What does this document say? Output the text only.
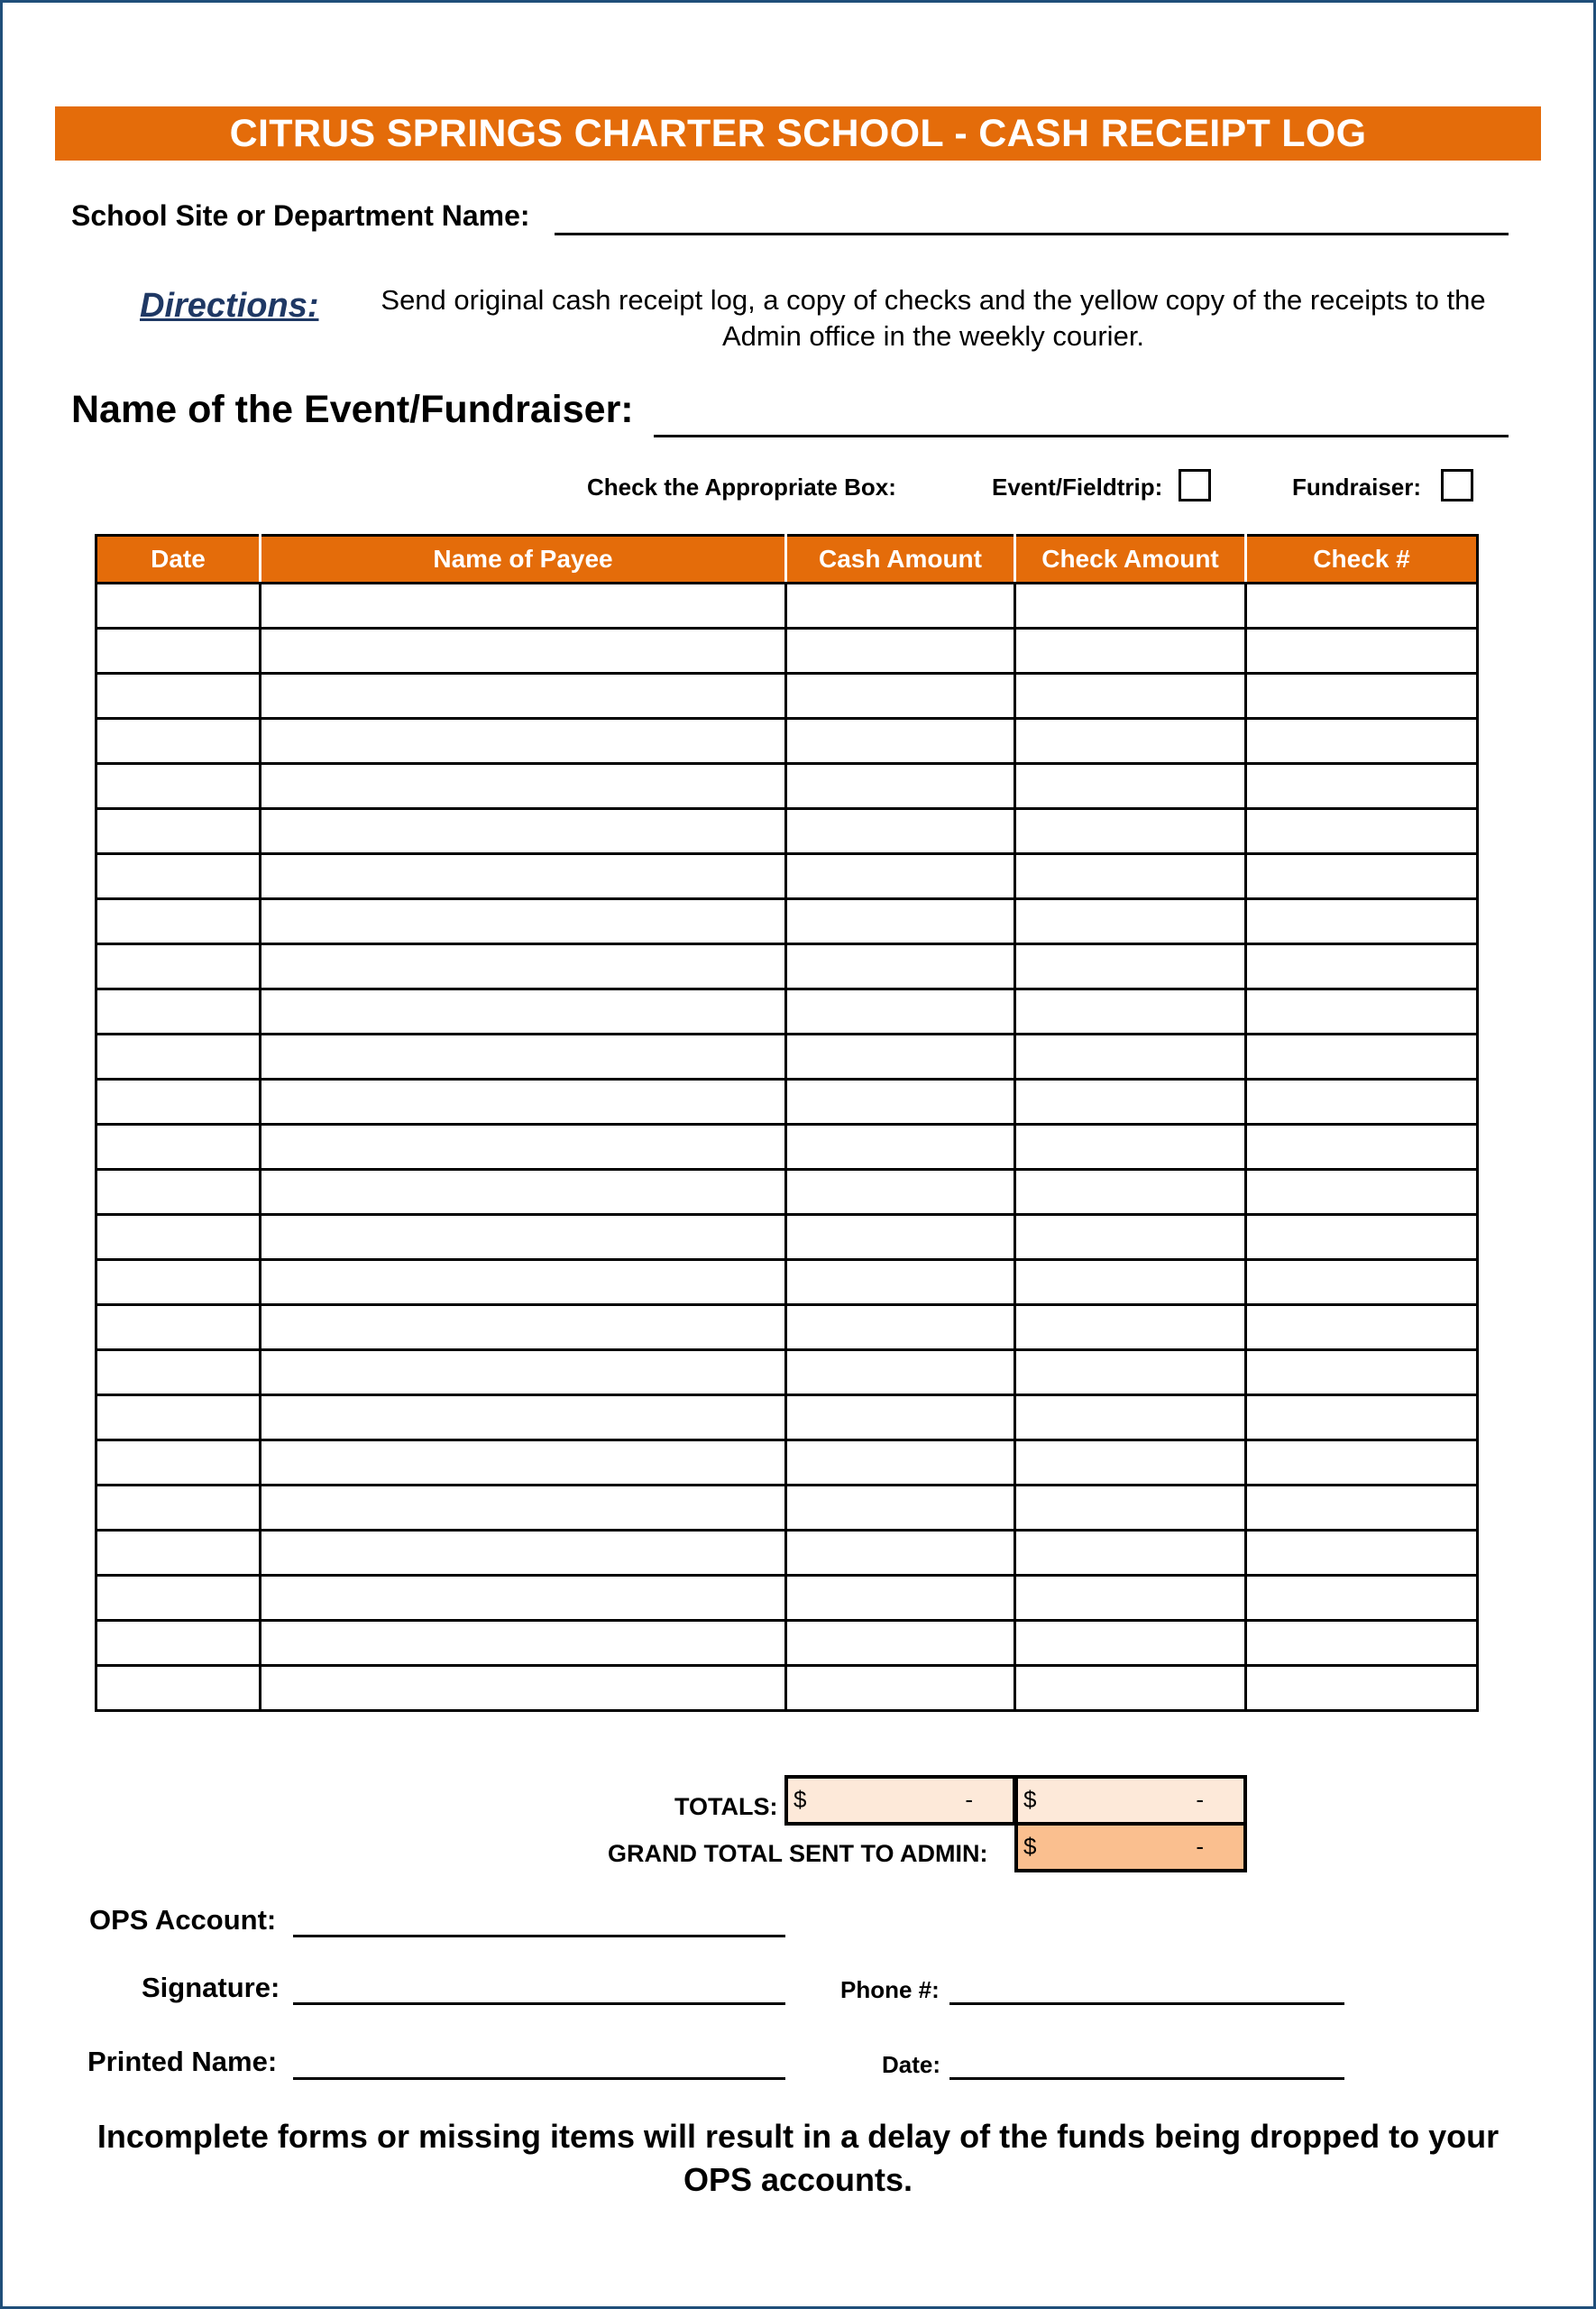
CITRUS SPRINGS CHARTER SCHOOL - CASH RECEIPT LOG
School Site or Department Name:
Directions:	Send original cash receipt log, a copy of checks and the yellow copy of the receipts to the Admin office in the weekly courier.
Name of the Event/Fundraiser:
Check the Appropriate Box:	Event/Fieldtrip:	Fundraiser:
Date	Name of Payee	Cash Amount	Check Amount	Check #

TOTALS: $	- $	-
GRAND TOTAL SENT TO ADMIN: $	-
OPS Account:
Signature:	Phone #:
Printed Name:	Date:
Incomplete forms or missing items will result in a delay of the funds being dropped to your OPS accounts.
